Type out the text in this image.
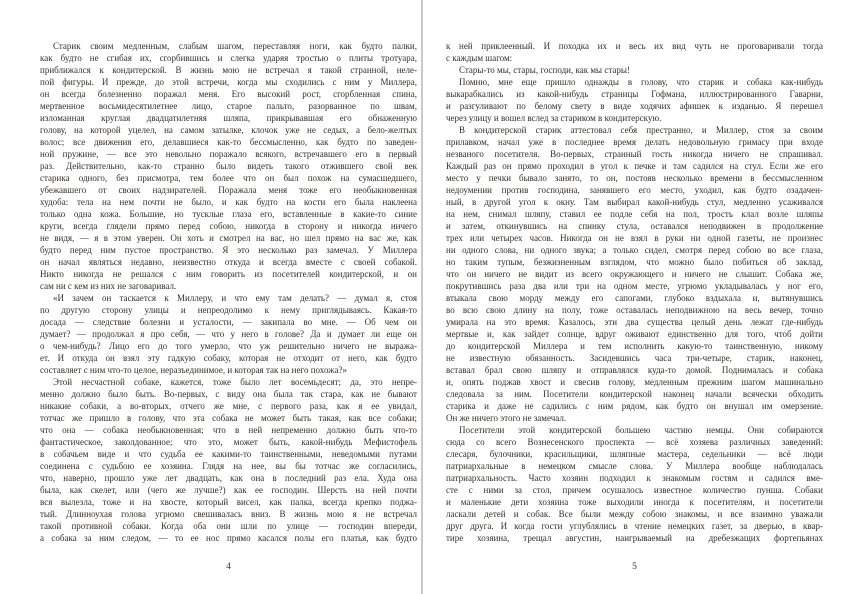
Старик своим медленным, слабым шагом, переставляя ноги, как будто палки,
как будто не сгибая их, сгорбившись и слегка ударяя тростью о плиты тротуара,
приближался к кондитерской. В жизнь мою не встречал я такой странной, неле-
пой фигуры. И прежде, до этой встречи, когда мы сходились с ним у Миллера,
он всегда болезненно поражал меня. Его высокий рост, сгорбленная спина,
мертвенное восьмидесятилетнее лицо, старое пальто, разорванное по швам,
изломанная круглая двадцатилетняя шляпа, прикрывавшая его обнаженную
голову, на которой уцелел, на самом затылке, клочок уже не седых, а бело-желтых
волос; все движения его, делавшиеся как-то бессмысленно, как будто по заведен-
ной пружине, — все это невольно поражало всякого, встречавшего его в первый
раз. Действительно, как-то странно было видеть такого отжившего свой век
старика одного, без присмотра, тем более что он был похож на сумасшедшего,
убежавшего от своих надзирателей. Поражала меня тоже его необыкновенная
худоба: тела на нем почти не было, и как будто на кости его была наклеена
только одна кожа. Большие, но тусклые глаза его, вставленные в какие-то синие
круги, всегда глядели прямо перед собою, никогда в сторону и никогда ничего
не видя, — я в этом уверен. Он хоть и смотрел на вас, но шел прямо на вас же, как
будто перед ним пустое пространство. Я это несколько раз замечал. У Миллера
он начал являться недавно, неизвестно откуда и всегда вместе с своей собакой.
Никто никогда не решался с ним говорить из посетителей кондитерской, и он
сам ни с кем из них не заговаривал.
«И зачем он таскается к Миллеру, и что ему там делать? — думал я, стоя
по другую сторону улицы и непреодолимо к нему приглядываясь. Какая-то
досада — следствие болезни и усталости, — закипала во мне. — Об чем он
думает? — продолжал я про себя, — что у него в голове? Да и думает ли еще он
о чем-нибудь? Лицо его до того умерло, что уж решительно ничего не выража-
ет. И откуда он взял эту гадкую собаку, которая не отходит от него, как будто
составляет с ним что-то целое, неразъединимое, и которая так на него похожа?»
Этой несчастной собаке, кажется, тоже было лет восемьдесят; да, это непре-
менно должно было быть. Во-первых, с виду она была так стара, как не бывают
никакие собаки, а во-вторых, отчего же мне, с первого раза, как я ее увидал,
тотчас же пришло в голову, что эта собака не может быть такая, как все собаки;
что она — собака необыкновенная; что в ней непременно должно быть что-то
фантастическое, заколдованное; что это, может быть, какой-нибудь Мефистофель
в собачьем виде и что судьба ее какими-то таинственными, неведомыми путами
соединена с судьбою ее хозяина. Глядя на нее, вы бы тотчас же согласились,
что, наверно, прошло уже лет двадцать, как она в последний раз ела. Худа она
была, как скелет, или (чего же лучше?) как ее господин. Шерсть на ней почти
вся вылезла, тоже и на хвосте, который висел, как палка, всегда крепко поджа-
тый. Длинноухая голова угрюмо свешивалась вниз. В жизнь мою я не встречал
такой противной собаки. Когда оба они шли по улице — господин впереди,
а собака за ним следом, — то ее нос прямо касался полы его платья, как будто
4
к ней приклеенный. И походка их и весь их вид чуть не проговаривали тогда
с каждым шагом:
Стары-то мы, стары, господи, как мы стары!
Помню, мне еще пришло однажды в голову, что старик и собака как-нибудь
выкарабкались из какой-нибудь страницы Гофмана, иллюстрированного Гаварни,
и разгуливают по белому свету в виде ходячих афишек к изданью. Я перешел
через улицу и вошел вслед за стариком в кондитерскую.
В кондитерской старик аттестовал себя престранно, и Миллер, стоя за своим
прилавком, начал уже в последнее время делать недовольную гримасу при входе
незваного посетителя. Во-первых, странный гость никогда ничего не спрашивал.
Каждый раз он прямо проходил в угол к печке и там садился на стул. Если же его
место у печки бывало занято, то он, постояв несколько времени в бессмысленном
недоумении против господина, занявшего его место, уходил, как будто озадачен-
ный, в другой угол к окну. Там выбирал какой-нибудь стул, медленно усаживался
на нем, снимал шляпу, ставил ее подле себя на пол, трость клал возле шляпы
и затем, откинувшись на спинку стула, оставался неподвижен в продолжение
трех или четырех часов. Никогда он не взял в руки ни одной газеты, не произнес
ни одного слова, ни одного звука; а только сидел, смотря перед собою во все глаза,
но таким тупым, безжизненным взглядом, что можно было побиться об заклад,
что он ничего не видит из всего окружающего и ничего не слышит. Собака же,
покрутившись раза два или три на одном месте, угрюмо укладывалась у ног его,
втыкала свою морду между его сапогами, глубоко вздыхала и, вытянувшись
во всю свою длину на полу, тоже оставалась неподвижною на весь вечер, точно
умирала на это время. Казалось, эти два существа целый день лежат где-нибудь
мертвые и, как зайдет солнце, вдруг оживают единственно для того, чтоб дойти
до кондитерской Миллера и тем исполнить какую-то таинственную, никому
не известную обязанность. Засидевшись часа три-четыре, старик, наконец,
вставал брал свою шляпу и отправлялся куда-то домой. Поднималась и собака
и, опять поджав хвост и свесив голову, медленным прежним шагом машинально
следовала за ним. Посетители кондитерской наконец начали всячески обходить
старика и даже не садились с ним рядом, как будто он внушал им омерзение.
Он же ничего этого не замечал.
Посетители этой кондитерской большею частию немцы. Они собираются
сюда со всего Вознесенского проспекта — всё хозяева различных заведений:
слесаря, булочники, красильщики, шляпные мастера, седельники — всё люди
патриархальные в немецком смысле слова. У Миллера вообще наблюдалась
патриархальность. Часто хозяин подходил к знакомым гостям и садился вме-
сте с ними за стол, причем осушалось известное количество пунша. Собаки
и маленькие дети хозяина тоже выходили иногда к посетителям, и посетители
ласкали детей и собак. Все были между собою знакомы, и все взаимно уважали
друг друга. И когда гости углублялись в чтение немецких газет, за дверью, в квар-
тире хозяина, трещал августин, наигрываемый на дребезжащих фортепьянах
5
